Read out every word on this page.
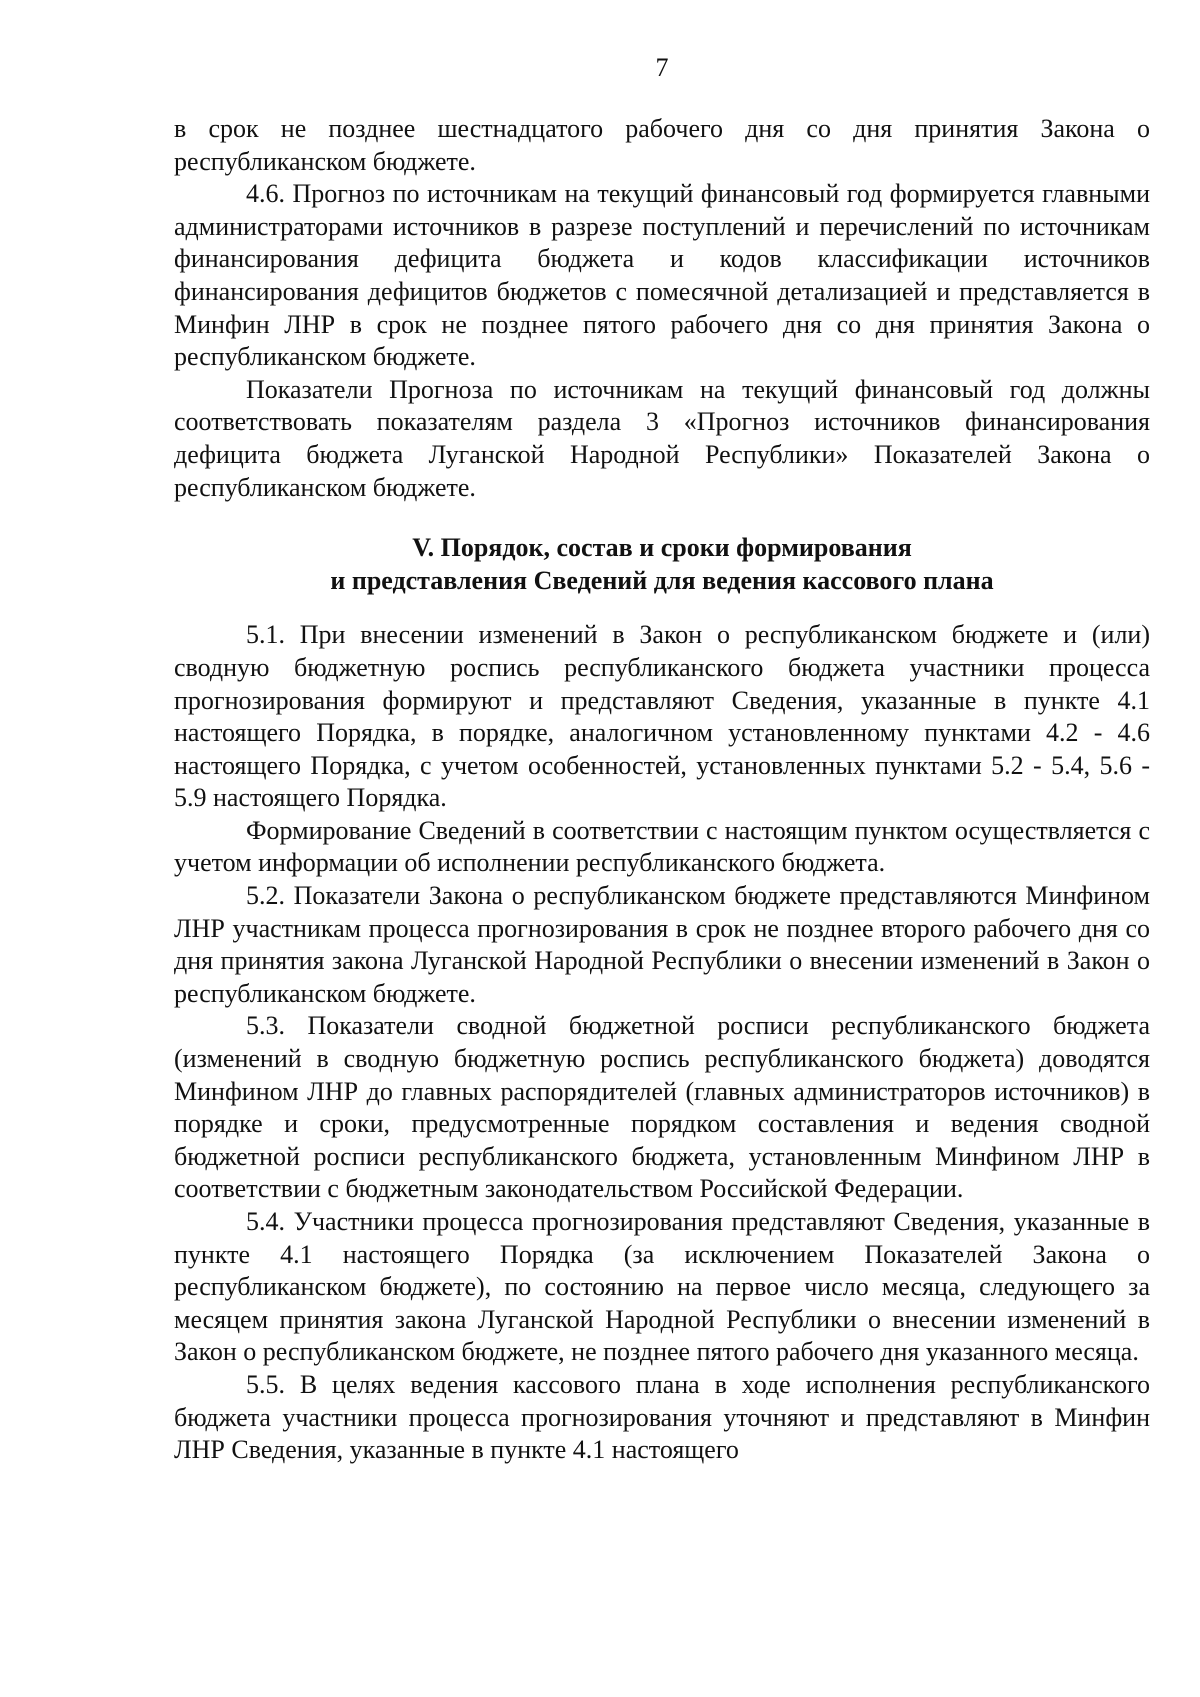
7

в срок не позднее шестнадцатого рабочего дня со дня принятия Закона о республиканском бюджете.

4.6. Прогноз по источникам на текущий финансовый год формируется главными администраторами источников в разрезе поступлений и перечислений по источникам финансирования дефицита бюджета и кодов классификации источников финансирования дефицитов бюджетов с помесячной детализацией и представляется в Минфин ЛНР в срок не позднее пятого рабочего дня со дня принятия Закона о республиканском бюджете.

Показатели Прогноза по источникам на текущий финансовый год должны соответствовать показателям раздела 3 «Прогноз источников финансирования дефицита бюджета Луганской Народной Республики» Показателей Закона о республиканском бюджете.

V. Порядок, состав и сроки формирования
и представления Сведений для ведения кассового плана

5.1. При внесении изменений в Закон о республиканском бюджете и (или) сводную бюджетную роспись республиканского бюджета участники процесса прогнозирования формируют и представляют Сведения, указанные в пункте 4.1 настоящего Порядка, в порядке, аналогичном установленному пунктами 4.2 - 4.6 настоящего Порядка, с учетом особенностей, установленных пунктами 5.2 - 5.4, 5.6 - 5.9 настоящего Порядка.

Формирование Сведений в соответствии с настоящим пунктом осуществляется с учетом информации об исполнении республиканского бюджета.

5.2. Показатели Закона о республиканском бюджете представляются Минфином ЛНР участникам процесса прогнозирования в срок не позднее второго рабочего дня со дня принятия закона Луганской Народной Республики о внесении изменений в Закон о республиканском бюджете.

5.3. Показатели сводной бюджетной росписи республиканского бюджета (изменений в сводную бюджетную роспись республиканского бюджета) доводятся Минфином ЛНР до главных распорядителей (главных администраторов источников) в порядке и сроки, предусмотренные порядком составления и ведения сводной бюджетной росписи республиканского бюджета, установленным Минфином ЛНР в соответствии с бюджетным законодательством Российской Федерации.

5.4. Участники процесса прогнозирования представляют Сведения, указанные в пункте 4.1 настоящего Порядка (за исключением Показателей Закона о республиканском бюджете), по состоянию на первое число месяца, следующего за месяцем принятия закона Луганской Народной Республики о внесении изменений в Закон о республиканском бюджете, не позднее пятого рабочего дня указанного месяца.

5.5. В целях ведения кассового плана в ходе исполнения республиканского бюджета участники процесса прогнозирования уточняют и представляют в Минфин ЛНР Сведения, указанные в пункте 4.1 настоящего
